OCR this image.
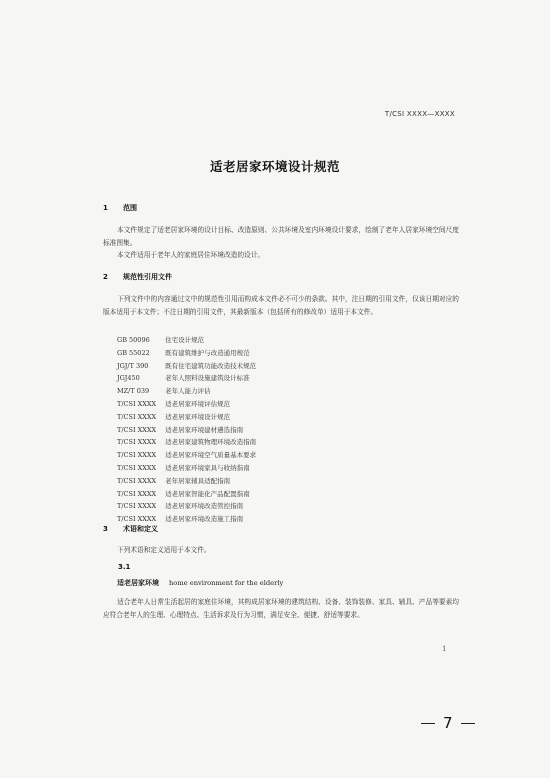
T/CSI XXXX—XXXX
适老居家环境设计规范
1 范围
本文件规定了适老居家环境的设计目标、改造原则、公共环境及室内环境设计要求，绘制了老年人居家环境空间尺度标准图集。
本文件适用于老年人的家庭居住环境改造的设计。
2 规范性引用文件
下列文件中的内容通过文中的规范性引用而构成本文件必不可少的条款。其中，注日期的引用文件，仅该日期对应的版本适用于本文件；不注日期的引用文件，其最新版本（包括所有的修改单）适用于本文件。
GB 50096 住宅设计规范
GB 55022 既有建筑维护与改造通用规范
JGJ/T 390	既有住宅建筑功能改造技术规范
JGJ450	老年人照料设施建筑设计标准
MZ/T 039 老年人能力评估
T/CSI XXXX 适老居家环境评估规范
T/CSI XXXX 适老居家环境设计规范
T/CSI XXXX 适老居家环境建材遴选指南
T/CSI XXXX 适老居家建筑物理环境改造指南
T/CSI XXXX 适老居家环境空气质量基本要求
T/CSI XXXX 适老居家环境家具与收纳指南
T/CSI XXXX 老年居家辅具适配指南
T/CSI XXXX 适老居家智能化产品配置指南
T/CSI XXXX 适老居家环境改造管控指南
T/CSI XXXX 适老居家环境改造施工指南
3 术语和定义
下列术语和定义适用于本文件。
3.1
适老居家环境 home environment for the elderly
适合老年人日常生活起居的家庭住环境，其构成居家环境的建筑结构、设备、装饰装修、家具、辅具、产品等要素均应符合老年人的生理、心理特点、生活诉求及行为习惯，满足安全、便捷、舒适等要求。
1
7
